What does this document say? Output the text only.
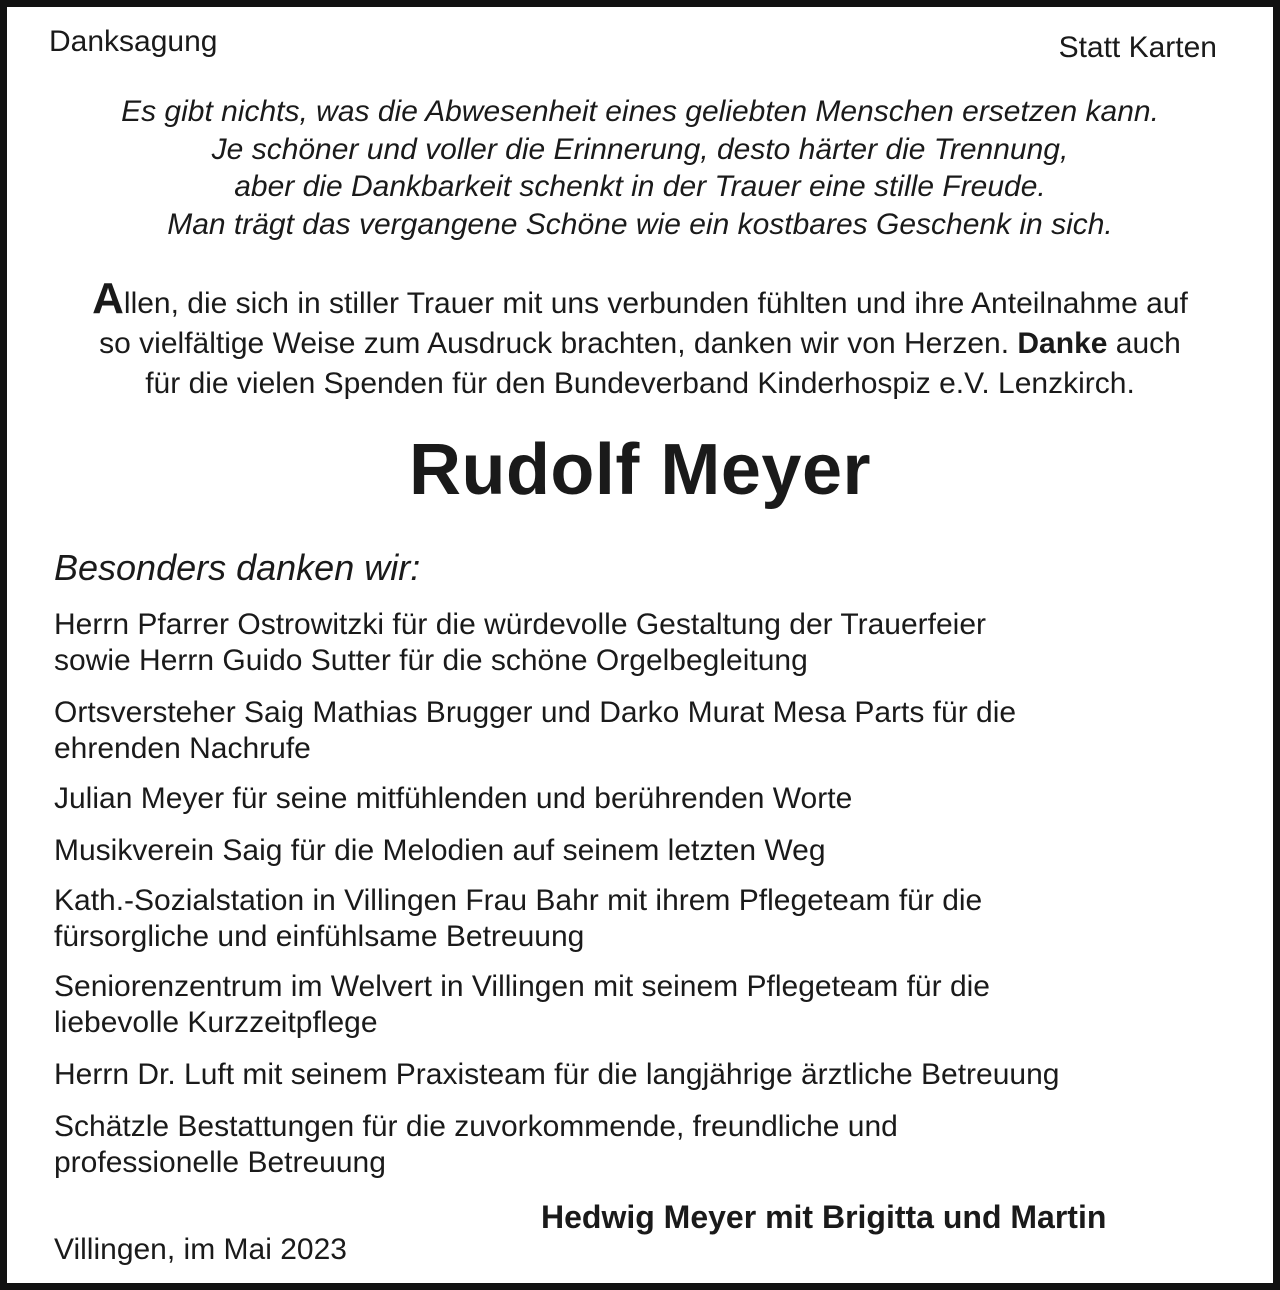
Danksagung	Statt Karten
Es gibt nichts, was die Abwesenheit eines geliebten Menschen ersetzen kann.
Je schöner und voller die Erinnerung, desto härter die Trennung,
aber die Dankbarkeit schenkt in der Trauer eine stille Freude.
Man trägt das vergangene Schöne wie ein kostbares Geschenk in sich.
Allen, die sich in stiller Trauer mit uns verbunden fühlten und ihre Anteilnahme auf
so vielfältige Weise zum Ausdruck brachten, danken wir von Herzen. Danke auch
für die vielen Spenden für den Bundeverband Kinderhospiz e.V. Lenzkirch.
Rudolf Meyer
Besonders danken wir:
Herrn Pfarrer Ostrowitzki für die würdevolle Gestaltung der Trauerfeier
sowie Herrn Guido Sutter für die schöne Orgelbegleitung
Ortsversteher Saig Mathias Brugger und Darko Murat Mesa Parts für die
ehrenden Nachrufe
Julian Meyer für seine mitfühlenden und berührenden Worte
Musikverein Saig für die Melodien auf seinem letzten Weg
Kath.-Sozialstation in Villingen Frau Bahr mit ihrem Pflegeteam für die
fürsorgliche und einfühlsame Betreuung
Seniorenzentrum im Welvert in Villingen mit seinem Pflegeteam für die
liebevolle Kurzzeitpflege
Herrn Dr. Luft mit seinem Praxisteam für die langjährige ärztliche Betreuung
Schätzle Bestattungen für die zuvorkommende, freundliche und
professionelle Betreuung
Hedwig Meyer mit Brigitta und Martin
Villingen, im Mai 2023
